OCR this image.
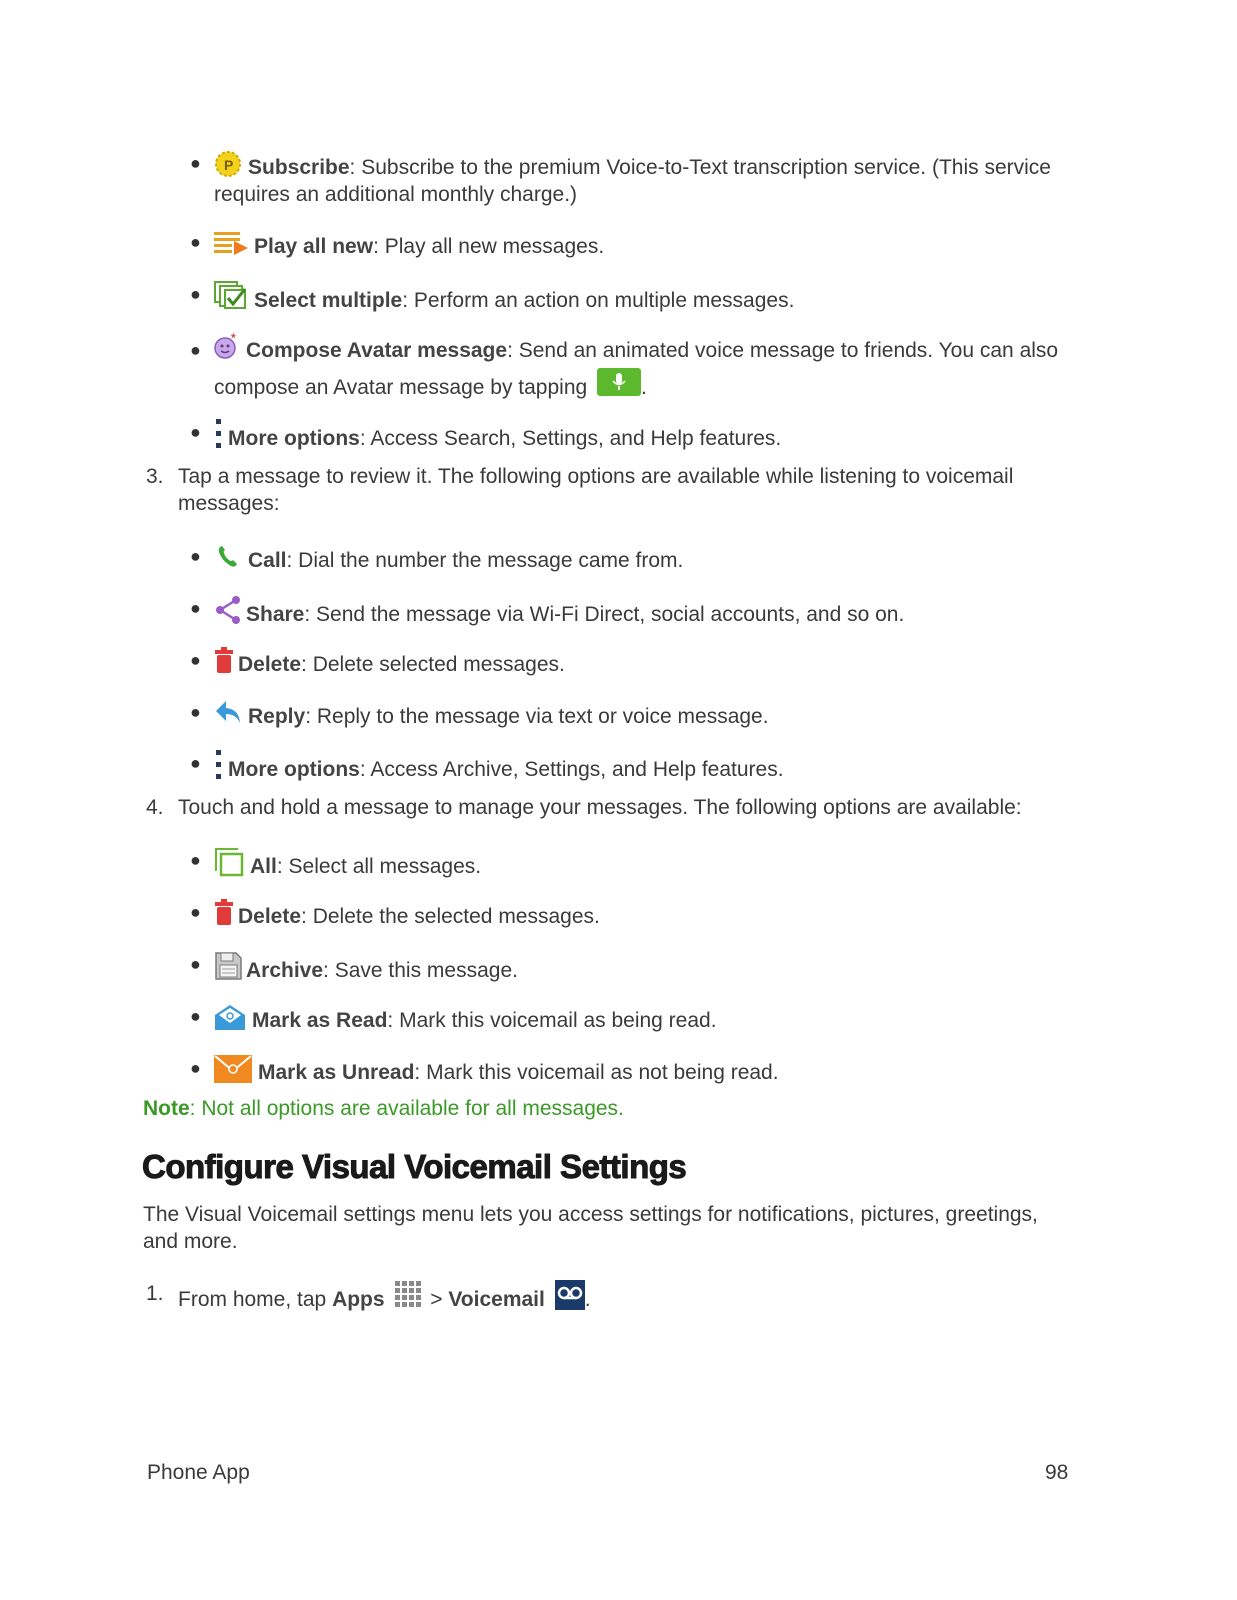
● P Subscribe: Subscribe to the premium Voice-to-Text transcription service. (This service requires an additional monthly charge.)
●	Play all new: Play all new messages.
●	Select multiple: Perform an action on multiple messages.
●
*
Compose Avatar message: Send an animated voice message to friends. You can also compose an Avatar message by tapping	.
●	More options: Access Search, Settings, and Help features.
3. Tap a message to review it. The following options are available while listening to voicemail messages:
●	Call: Dial the number the message came from.
●	Share: Send the message via Wi-Fi Direct, social accounts, and so on.
●	Delete: Delete selected messages.
●	Reply: Reply to the message via text or voice message.
●	More options: Access Archive, Settings, and Help features.
4. Touch and hold a message to manage your messages. The following options are available:
●	All: Select all messages.
●	Delete: Delete the selected messages.
●	Archive: Save this message.
●	Mark as Read: Mark this voicemail as being read.
●	Mark as Unread: Mark this voicemail as not being read.
Note: Not all options are available for all messages.
Configure Visual Voicemail Settings
The Visual Voicemail settings menu lets you access settings for notifications, pictures, greetings, and more.
1. From home, tap Apps  > Voicemail .
Phone App	98
